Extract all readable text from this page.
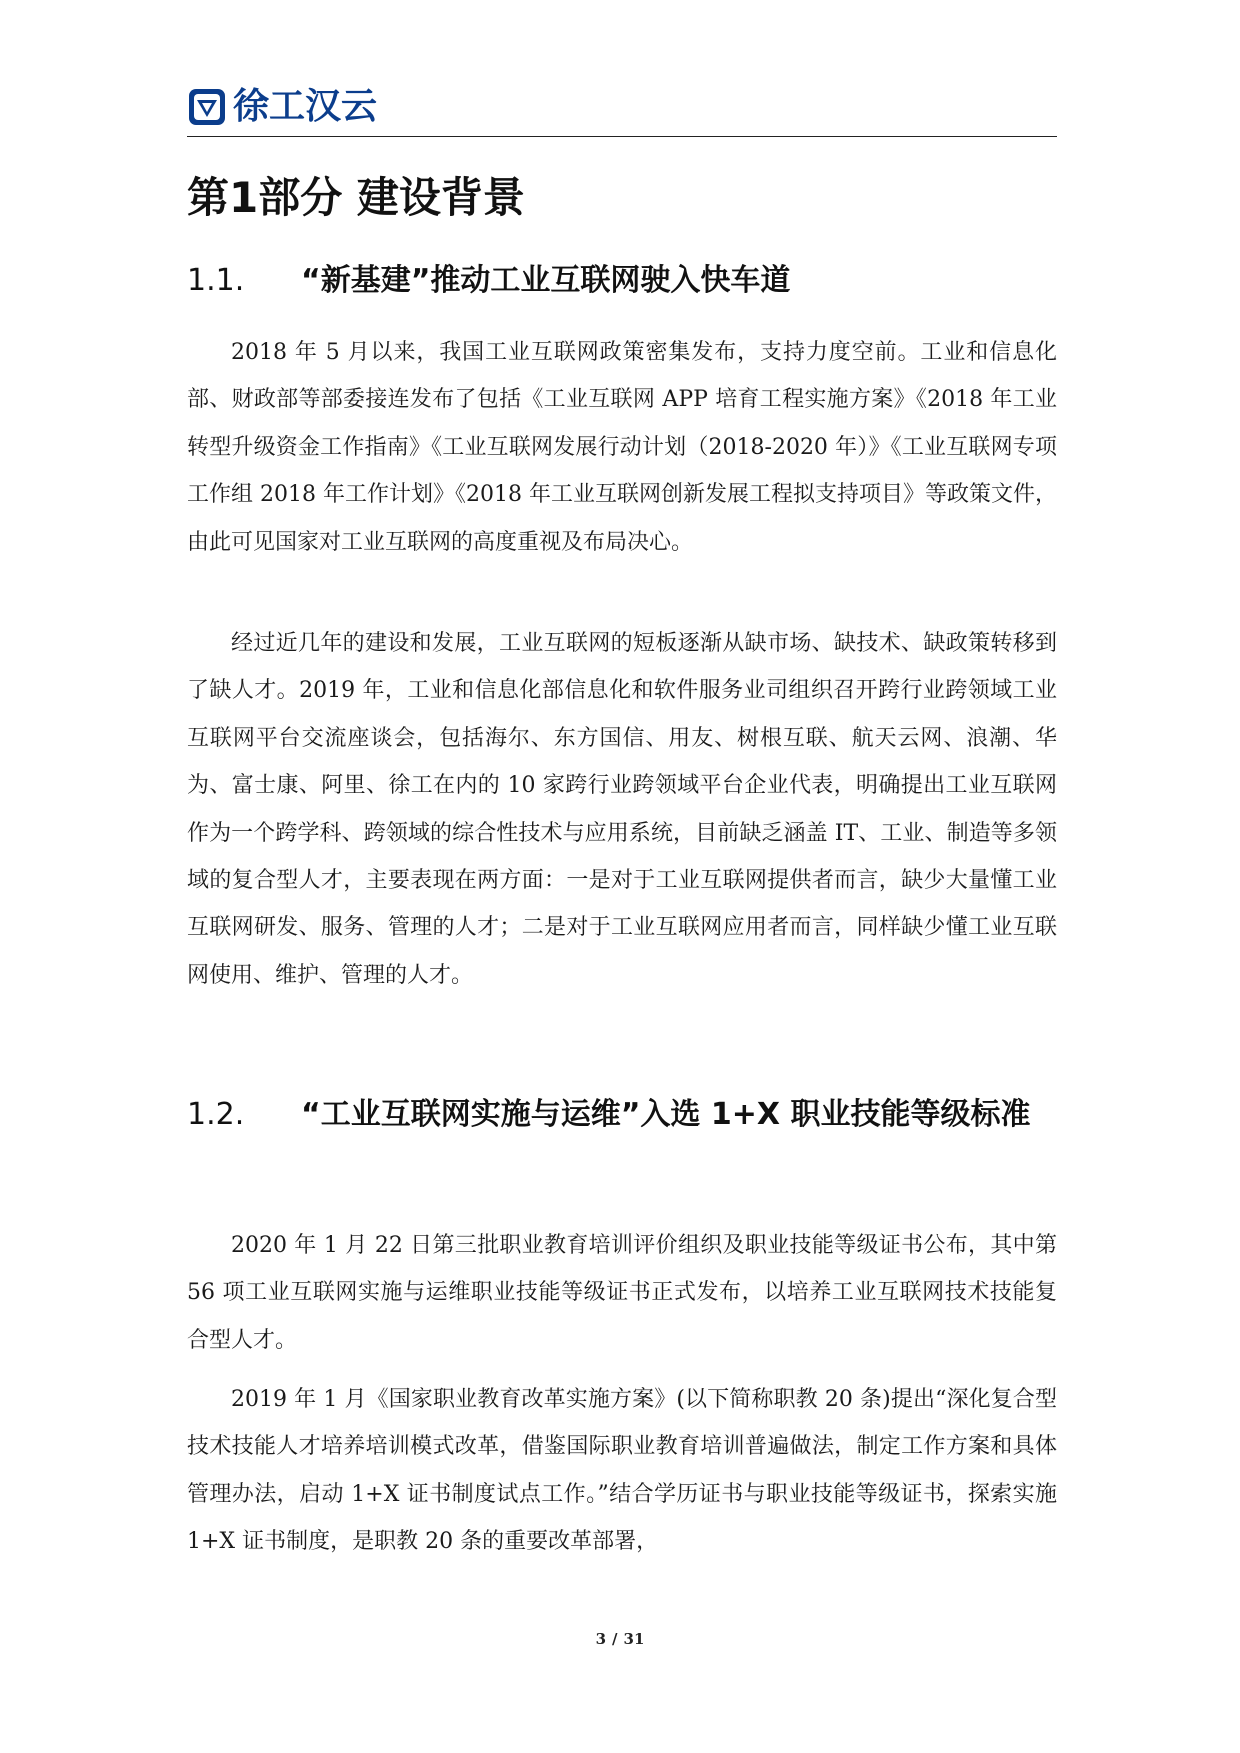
徐工汉云
第1部分 建设背景
1.1. “新基建”推动工业互联网驶入快车道

2018 年 5 月以来，我国工业互联网政策密集发布，支持力度空前。工业和信息化部、财政部等部委接连发布了包括《工业互联网 APP 培育工程实施方案》《2018 年工业转型升级资金工作指南》《工业互联网发展行动计划（2018-2020 年）》《工业互联网专项工作组 2018 年工作计划》《2018 年工业互联网创新发展工程拟支持项目》等政策文件，由此可见国家对工业互联网的高度重视及布局决心。

经过近几年的建设和发展，工业互联网的短板逐渐从缺市场、缺技术、缺政策转移到了缺人才。2019 年，工业和信息化部信息化和软件服务业司组织召开跨行业跨领域工业互联网平台交流座谈会，包括海尔、东方国信、用友、树根互联、航天云网、浪潮、华为、富士康、阿里、徐工在内的 10 家跨行业跨领域平台企业代表，明确提出工业互联网作为一个跨学科、跨领域的综合性技术与应用系统，目前缺乏涵盖 IT、工业、制造等多领域的复合型人才，主要表现在两方面：一是对于工业互联网提供者而言，缺少大量懂工业互联网研发、服务、管理的人才；二是对于工业互联网应用者而言，同样缺少懂工业互联网使用、维护、管理的人才。

1.2. “工业互联网实施与运维”入选 1+X 职业技能等级标准

2020 年 1 月 22 日第三批职业教育培训评价组织及职业技能等级证书公布，其中第 56 项工业互联网实施与运维职业技能等级证书正式发布，以培养工业互联网技术技能复合型人才。

2019 年 1 月《国家职业教育改革实施方案》(以下简称职教 20 条)提出“深化复合型技术技能人才培养培训模式改革，借鉴国际职业教育培训普遍做法，制定工作方案和具体管理办法，启动 1+X 证书制度试点工作。”结合学历证书与职业技能等级证书，探索实施 1+X 证书制度，是职教 20 条的重要改革部署，

3 / 31
